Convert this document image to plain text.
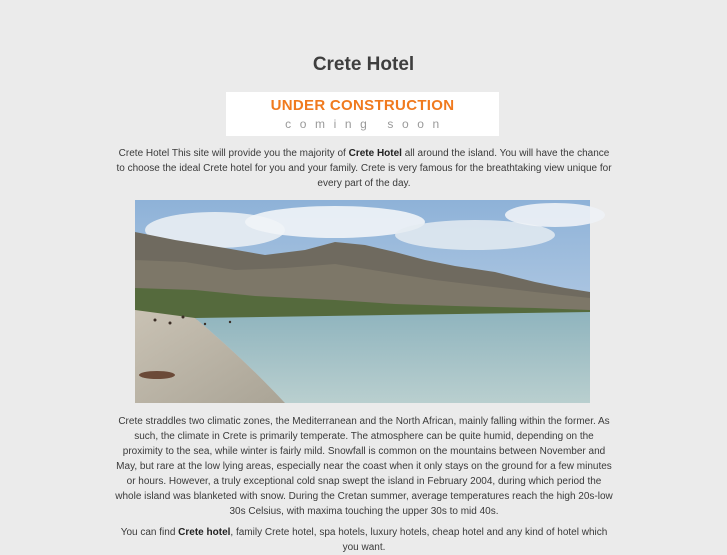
Crete Hotel
UNDER CONSTRUCTION
coming soon

Crete Hotel This site will provide you the majority of Crete Hotel all around the island. You will have the chance to choose the ideal Crete hotel for you and your family. Crete is very famous for the breathtaking view unique for every part of the day.

Crete straddles two climatic zones, the Mediterranean and the North African, mainly falling within the former. As such, the climate in Crete is primarily temperate. The atmosphere can be quite humid, depending on the proximity to the sea, while winter is fairly mild. Snowfall is common on the mountains between November and May, but rare at the low lying areas, especially near the coast when it only stays on the ground for a few minutes or hours. However, a truly exceptional cold snap swept the island in February 2004, during which period the whole island was blanketed with snow. During the Cretan summer, average temperatures reach the high 20s-low 30s Celsius, with maxima touching the upper 30s to mid 40s.

You can find Crete hotel, family Crete hotel, spa hotels, luxury hotels, cheap hotel and any kind of hotel which you want.
